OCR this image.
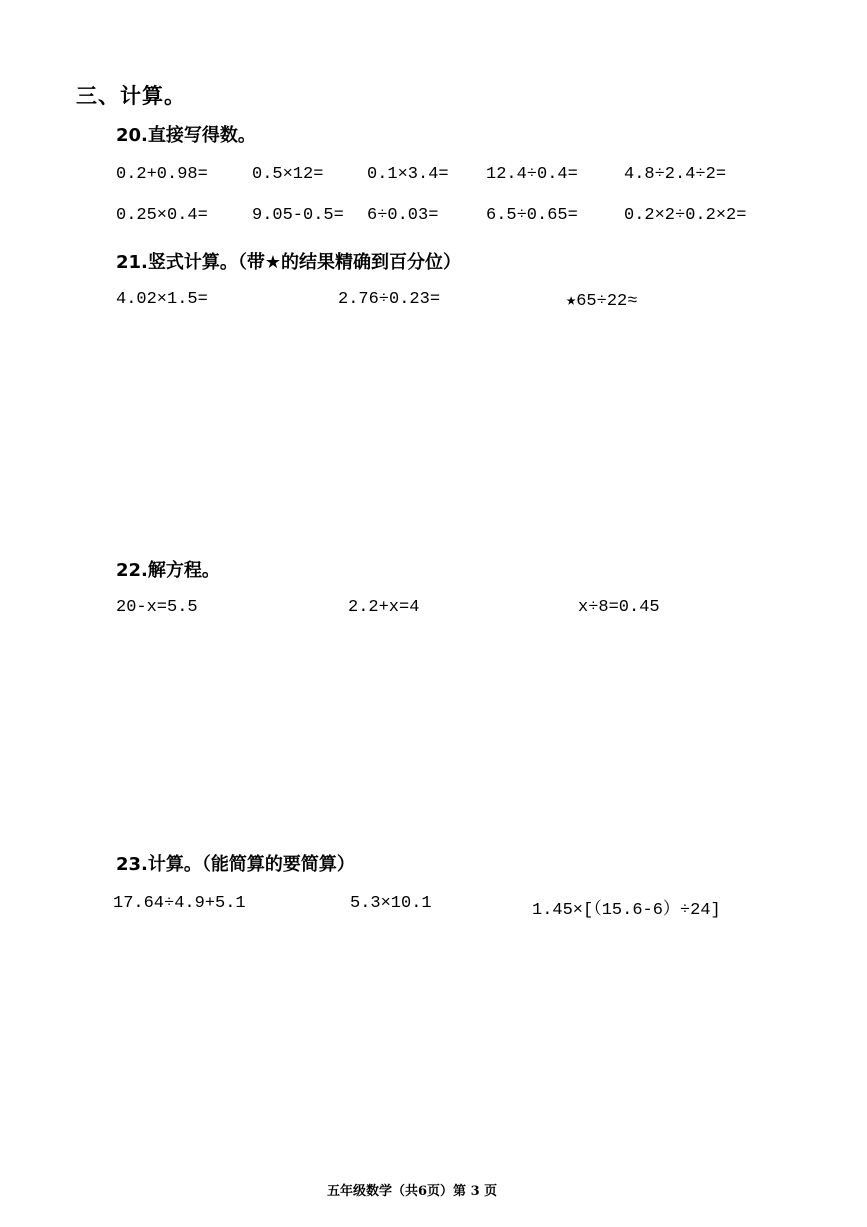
三、计算。
20.直接写得数。
0.2+0.98=	0.5×12=	0.1×3.4= 12.4÷0.4=	4.8÷2.4÷2=
0.25×0.4=	9.05-0.5= 6÷0.03=	6.5÷0.65=	0.2×2÷0.2×2=
21.竖式计算。（带★的结果精确到百分位）
4.02×1.5=	2.76÷0.23=	★65÷22≈
22.解方程。
20-x=5.5	2.2+x=4	x÷8=0.45
23.计算。（能简算的要简算）
17.64÷4.9+5.1	5.3×10.1	1.45×[（15.6-6）÷24]
五年级数学（共6页）第 3 页
